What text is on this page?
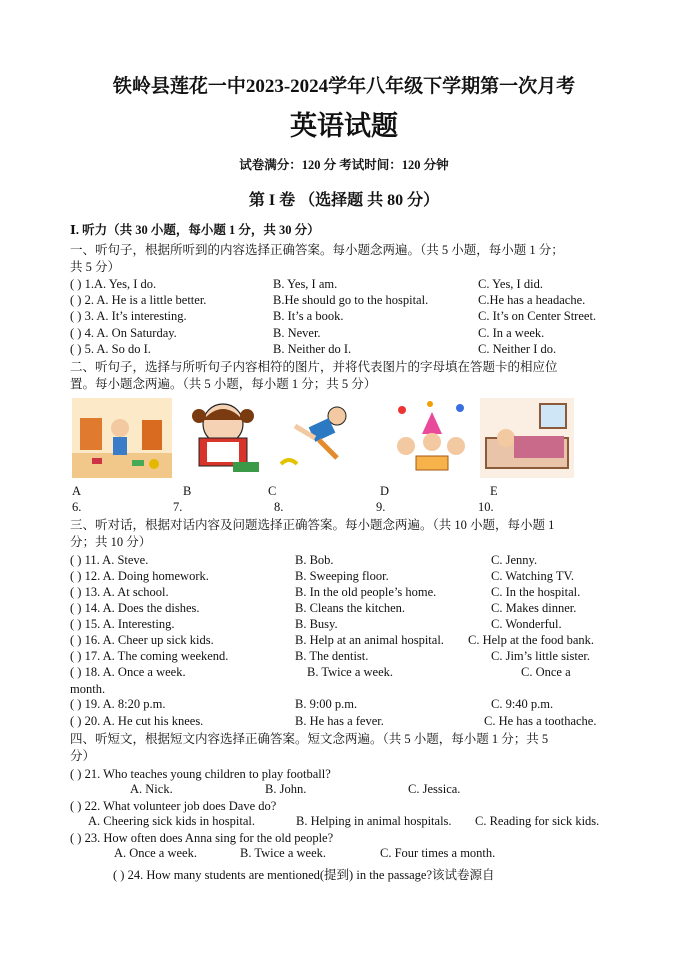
铁岭县莲花一中2023-2024学年八年级下学期第一次月考
英语试题
试卷满分：120 分 考试时间：120 分钟
第 I 卷 （选择题 共 80 分）
Ⅰ. 听力（共 30 小题，每小题 1 分，共 30 分）
一、听句子，根据所听到的内容选择正确答案。每小题念两遍。（共 5 小题，每小题 1 分；
共 5 分）
( ) 1.A. Yes, I do.	B. Yes, I am.	C. Yes, I did.
( ) 2. A. He is a little better.	B.He should go to the hospital.	C.He has a headache.
( ) 3. A. It’s interesting.	B. It’s a book.	C. It’s on Center Street.
( ) 4. A. On Saturday.	B. Never.	C. In a week.
( ) 5. A. So do I.	B. Neither do I.	C. Neither I do.
二、听句子，选择与所听句子内容相符的图片，并将代表图片的字母填在答题卡的相应位
置。每小题念两遍。（共 5 小题，每小题 1 分；共 5 分）
A	B	C	D	E
6.	7.	8.	9.	10.
三、听对话，根据对话内容及问题选择正确答案。每小题念两遍。（共 10 小题，每小题 1
分；共 10 分）
( ) 11. A. Steve.	B. Bob.	C. Jenny.
( ) 12. A. Doing homework.	B. Sweeping floor.	C. Watching TV.
( ) 13. A. At school.	B. In the old people’s home.	C. In the hospital.
( ) 14. A. Does the dishes.	B. Cleans the kitchen.	C. Makes dinner.
( ) 15. A. Interesting.	B. Busy.	C. Wonderful.
( ) 16. A. Cheer up sick kids.	B. Help at an animal hospital. C. Help at the food bank.
( ) 17. A. The coming weekend.	B. The dentist.	C. Jim’s little sister.
( ) 18. A. Once a week.	B. Twice a week.	C. Once a
month.
( ) 19. A. 8:20 p.m.	B. 9:00 p.m.	C. 9:40 p.m.
( ) 20. A. He cut his knees.	B. He has a fever.	C. He has a toothache.
四、听短文，根据短文内容选择正确答案。短文念两遍。（共 5 小题，每小题 1 分；共 5
分）
( ) 21. Who teaches young children to play football?
A. Nick.	B. John.	C. Jessica.
( ) 22. What volunteer job does Dave do?
A. Cheering sick kids in hospital.	B. Helping in animal hospitals. C. Reading for sick kids.
( ) 23. How often does Anna sing for the old people?
A. Once a week.	B. Twice a week.	C. Four times a month.
( ) 24. How many students are mentioned(提到) in the passage?该试卷源自
